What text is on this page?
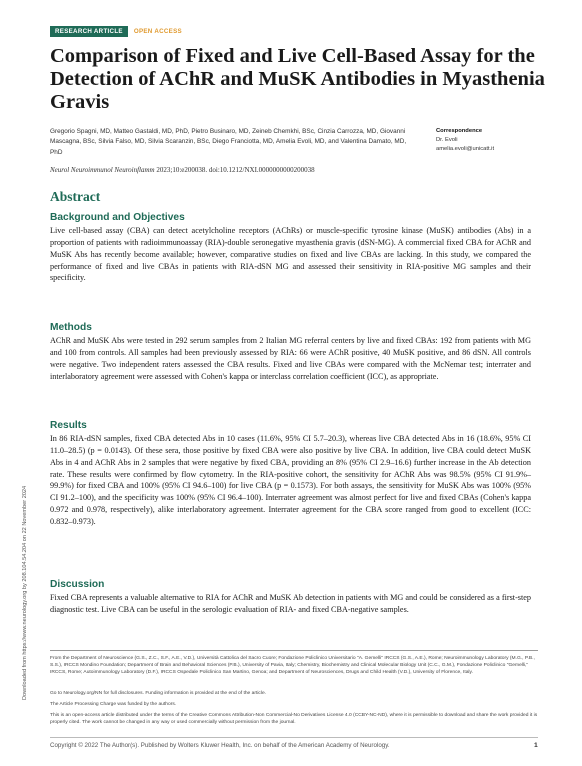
RESEARCH ARTICLE	OPEN ACCESS
Comparison of Fixed and Live Cell-Based Assay for the Detection of AChR and MuSK Antibodies in Myasthenia Gravis
Gregorio Spagni, MD, Matteo Gastaldi, MD, PhD, Pietro Businaro, MD, Zeineb Chemkhi, BSc, Cinzia Carrozza, MD, Giovanni Mascagna, BSc, Silvia Falso, MD, Silvia Scaranzin, BSc, Diego Franciotta, MD, Amelia Evoli, MD, and Valentina Damato, MD, PhD
Correspondence
Dr. Evoli
amelia.evoli@unicatt.it
Neurol Neuroimmunol Neuroinflamm 2023;10:e200038. doi:10.1212/NXI.0000000000200038
Abstract
Background and Objectives

Live cell-based assay (CBA) can detect acetylcholine receptors (AChRs) or muscle-specific tyrosine kinase (MuSK) antibodies (Abs) in a proportion of patients with radioimmunoassay (RIA)-double seronegative myasthenia gravis (dSN-MG). A commercial fixed CBA for AChR and MuSK Abs has recently become available; however, comparative studies on fixed and live CBAs are lacking. In this study, we compared the performance of fixed and live CBAs in patients with RIA-dSN MG and assessed their sensitivity in RIA-positive MG samples and their specificity.

Methods

AChR and MuSK Abs were tested in 292 serum samples from 2 Italian MG referral centers by live and fixed CBAs: 192 from patients with MG and 100 from controls. All samples had been previously assessed by RIA: 66 were AChR positive, 40 MuSK positive, and 86 dSN. All controls were negative. Two independent raters assessed the CBA results. Fixed and live CBAs were compared with the McNemar test; interrater and interlaboratory agreement were assessed with Cohen's kappa or interclass correlation coefficient (ICC), as appropriate.

Results

In 86 RIA-dSN samples, fixed CBA detected Abs in 10 cases (11.6%, 95% CI 5.7–20.3), whereas live CBA detected Abs in 16 (18.6%, 95% CI 11.0–28.5) (p = 0.0143). Of these sera, those positive by fixed CBA were also positive by live CBA. In addition, live CBA could detect MuSK Abs in 4 and AChR Abs in 2 samples that were negative by fixed CBA, providing an 8% (95% CI 2.9–16.6) further increase in the Ab detection rate. These results were confirmed by flow cytometry. In the RIA-positive cohort, the sensitivity for AChR Abs was 98.5% (95% CI 91.9%–99.9%) for fixed CBA and 100% (95% CI 94.6–100) for live CBA (p = 0.1573). For both assays, the sensitivity for MuSK Abs was 100% (95% CI 91.2–100), and the specificity was 100% (95% CI 96.4–100). Interrater agreement was almost perfect for live and fixed CBAs (Cohen's kappa 0.972 and 0.978, respectively), alike interlaboratory agreement. Interrater agreement for the CBA score ranged from good to excellent (ICC: 0.832–0.973).

Discussion

Fixed CBA represents a valuable alternative to RIA for AChR and MuSK Ab detection in patients with MG and could be considered as a first-step diagnostic test. Live CBA can be useful in the serologic evaluation of RIA- and fixed CBA-negative samples.

Downloaded from https://www.neurology.org by 208.104.54.204 on 22 November 2024	From the Department of Neuroscience (G.S., Z.C., S.F., A.E., V.D.), Università Cattolica del Sacro Cuore; Fondazione Policlinico Universitario "A. Gemelli" IRCCS (G.S., A.E.), Rome; Neuroimmunology Laboratory (M.G., P.B., S.S.), IRCCS Mondino Foundation; Department of Brain and Behavioral Sciences (P.B.), University of Pavia, Italy; Chemistry, Biochemistry and Clinical Molecular Biology Unit (C.C., G.M.), Fondazione Policlinico "Gemelli," IRCCS, Rome; Autoimmunology Laboratory (D.F.), IRCCS Ospedale Policlinico San Martino, Genoa; and Department of Neurosciences, Drugs and Child Health (V.D.), University of Florence, Italy.

Go to Neurology.org/NN for full disclosures. Funding information is provided at the end of the article.

The Article Processing Charge was funded by the authors.

This is an open-access article distributed under the terms of the Creative Commons Attribution-Non Commercial-No Derivatives License 4.0 (CCBY-NC-ND), where it is permissible to download and share the work provided it is properly cited. The work cannot be changed in any way or used commercially without permission from the journal.

Copyright © 2022 The Author(s). Published by Wolters Kluwer Health, Inc. on behalf of the American Academy of Neurology.	1
